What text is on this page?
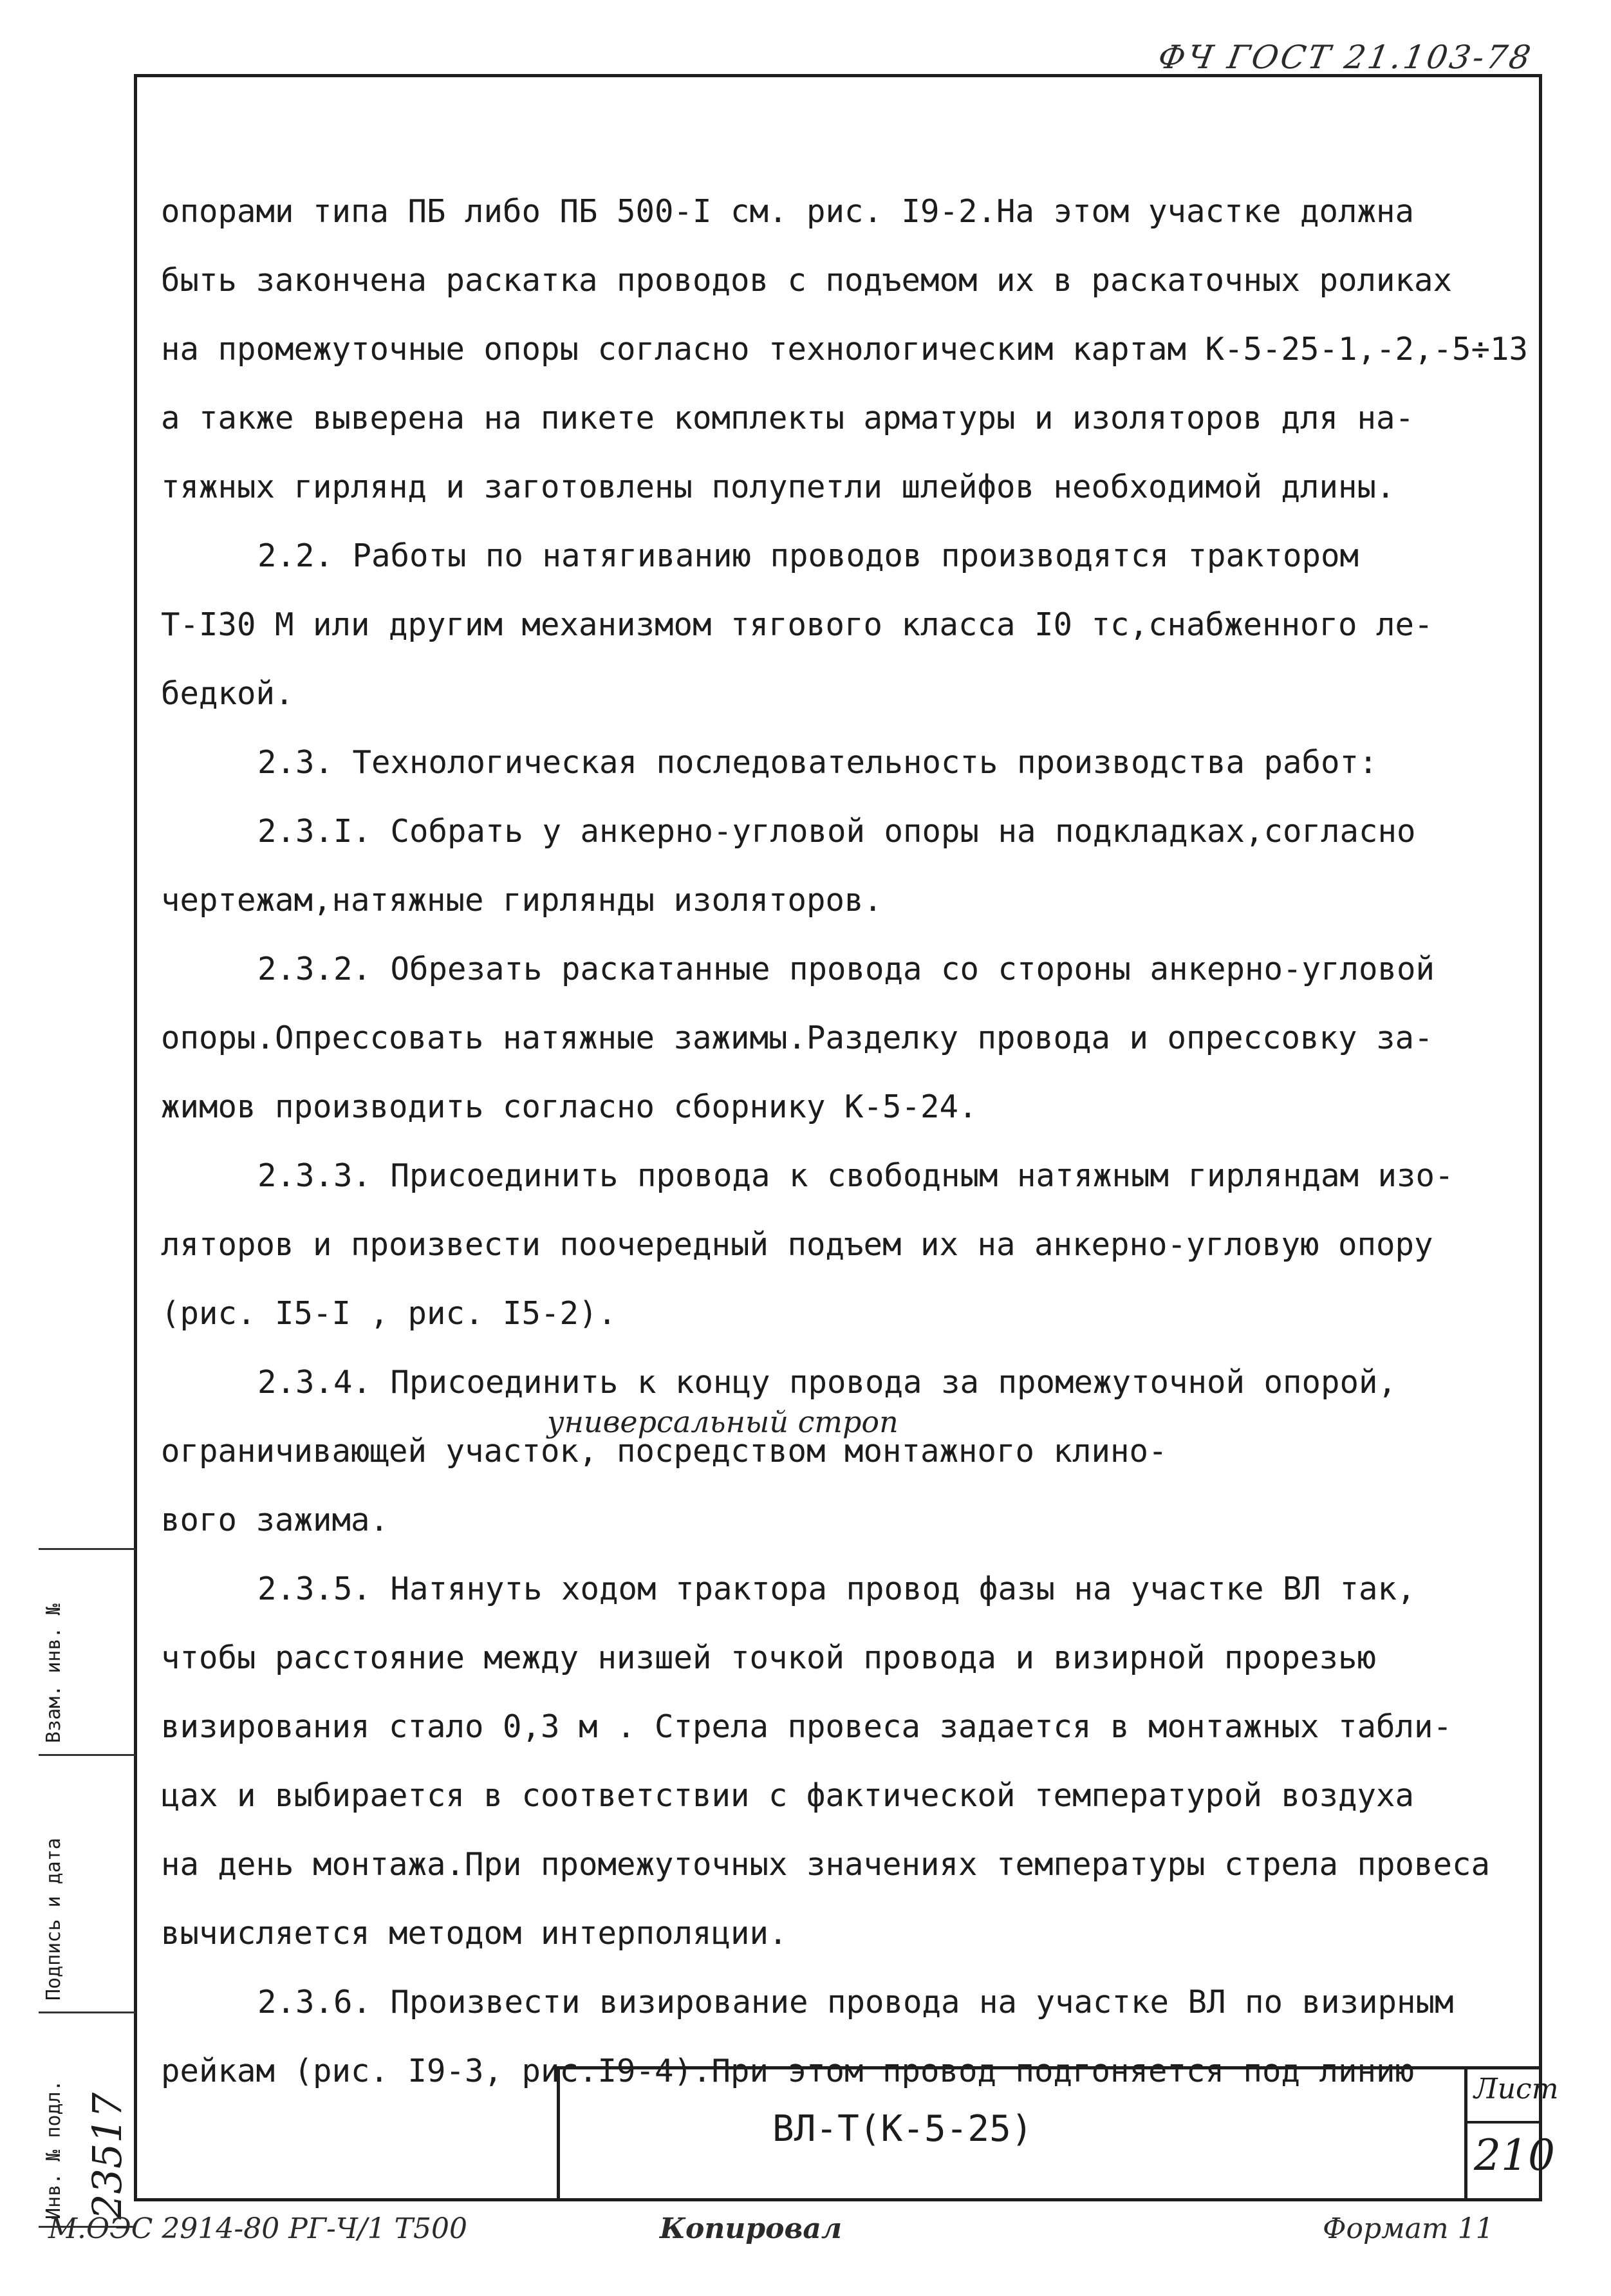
ФЧ ГОСТ 21.103-78
опорами типа ПБ либо ПБ 500-I см. рис. I9-2.На этом участке должна
быть закончена раскатка проводов с подъемом их в раскаточных роликах
на промежуточные опоры согласно технологическим картам К-5-25-1,-2,-5÷13
а также выверена на пикете комплекты арматуры и изоляторов для на-
тяжных гирлянд и заготовлены полупетли шлейфов необходимой длины.
2.2. Работы по натягиванию проводов производятся трактором
Т-I30 М или другим механизмом тягового класса I0 тс,снабженного ле-
бедкой.
2.3. Технологическая последовательность производства работ:
2.3.I. Собрать у анкерно-угловой опоры на подкладках,согласно
чертежам,натяжные гирлянды изоляторов.
2.3.2. Обрезать раскатанные провода со стороны анкерно-угловой
опоры.Опрессовать натяжные зажимы.Разделку провода и опрессовку за-
жимов производить согласно сборнику К-5-24.
2.3.3. Присоединить провода к свободным натяжным гирляндам изо-
ляторов и произвести поочередный подъем их на анкерно-угловую опору
(рис. I5-I , рис. I5-2).
2.3.4. Присоединить к концу провода за промежуточной опорой,
ограничивающей участок, посредством монтажного клино-
универсальный строп
вого зажима.
2.3.5. Натянуть ходом трактора провод фазы на участке ВЛ так,
чтобы расстояние между низшей точкой провода и визирной прорезью
визирования стало 0,3 м . Стрела провеса задается в монтажных табли-
цах и выбирается в соответствии с фактической температурой воздуха
на день монтажа.При промежуточных значениях температуры стрела провеса
вычисляется методом интерполяции.
2.3.6. Произвести визирование провода на участке ВЛ по визирным
рейкам (рис. I9-3, рис.I9-4).При этом провод подгоняется под линию
Взам. инв. №
Подпись и дата
Инв. № подл. 23517	ВЛ-Т(К-5-25)
Лист
210
М.ОЭС 2914-80 РГ-Ч/1 Т500	Копировал	Формат 11
